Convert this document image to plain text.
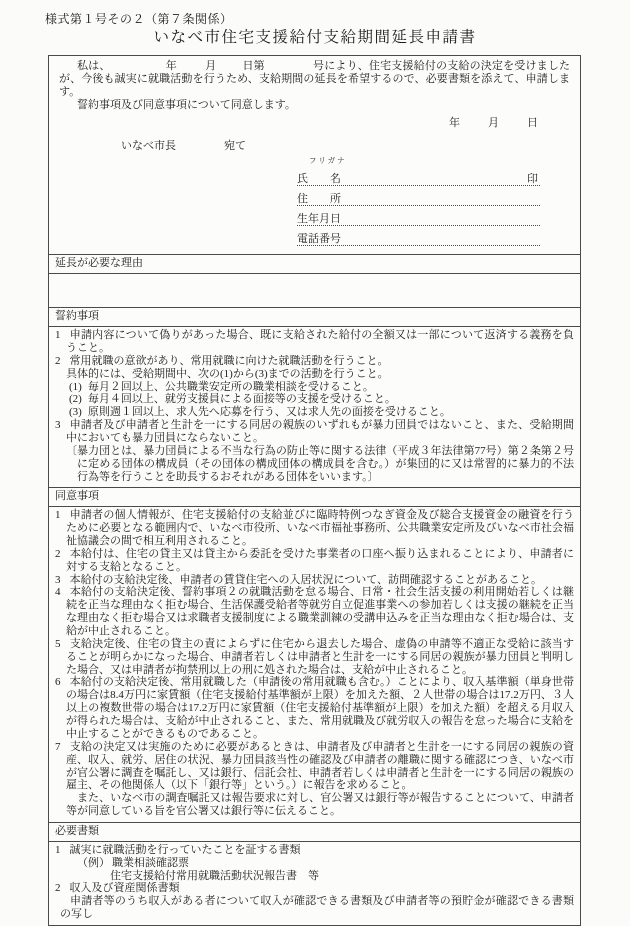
様式第１号その２（第７条関係）
いなべ市住宅支援給付支給期間延長申請書

私は、	年	月 日第	号により、住宅支援給付の支給の決定を受けましたが、今後も誠実に就職活動を行うため、支給期間の延長を希望するので、必要書類を添えて、申請します。

誓約事項及び同意事項について同意します。

年	月	日

いなべ市長	宛て

フリガナ

氏　　名	印
住　　所
生年月日
電話番号
延長が必要な理由
誓約事項

1 申請内容について偽りがあった場合、既に支給された給付の全額又は一部について返済する義務を負うこと。

2 常用就職の意欲があり、常用就職に向けた就職活動を行うこと。

具体的には、受給期間中、次の(1)から(3)までの活動を行うこと。

(1) 毎月２回以上、公共職業安定所の職業相談を受けること。

(2) 毎月４回以上、就労支援員による面接等の支援を受けること。

(3) 原則週１回以上、求人先へ応募を行う、又は求人先の面接を受けること。

3 申請者及び申請者と生計を一にする同居の親族のいずれもが暴力団員ではないこと、また、受給期間中においても暴力団員にならないこと。

〔暴力団とは、暴力団員による不当な行為の防止等に関する法律（平成３年法律第77号）第２条第２号に定める団体の構成員（その団体の構成団体の構成員を含む。）が集団的に又は常習的に暴力的不法行為等を行うことを助長するおそれがある団体をいいます。〕

同意事項

1 申請者の個人情報が、住宅支援給付の支給並びに臨時特例つなぎ資金及び総合支援資金の融資を行うために必要となる範囲内で、いなべ市役所、いなべ市福祉事務所、公共職業安定所及びいなべ市社会福祉協議会の間で相互利用されること。

2 本給付は、住宅の貸主又は貸主から委託を受けた事業者の口座へ振り込まれることにより、申請者に対する支給となること。

3 本給付の支給決定後、申請者の賃貸住宅への入居状況について、訪問確認することがあること。

4 本給付の支給決定後、誓約事項２の就職活動を怠る場合、日常・社会生活支援の利用開始若しくは継続を正当な理由なく拒む場合、生活保護受給者等就労自立促進事業への参加若しくは支援の継続を正当な理由なく拒む場合又は求職者支援制度による職業訓練の受講申込みを正当な理由なく拒む場合は、支給が中止されること。

5 支給決定後、住宅の貸主の責によらずに住宅から退去した場合、虚偽の申請等不適正な受給に該当することが明らかになった場合、申請者若しくは申請者と生計を一にする同居の親族が暴力団員と判明した場合、又は申請者が拘禁刑以上の刑に処された場合は、支給が中止されること。

6 本給付の支給決定後、常用就職した（申請後の常用就職も含む。）ことにより、収入基準額（単身世帯の場合は8.4万円に家賃額（住宅支援給付基準額が上限）を加えた額、２人世帯の場合は17.2万円、３人以上の複数世帯の場合は17.2万円に家賃額（住宅支援給付基準額が上限）を加えた額）を超える月収入が得られた場合は、支給が中止されること、また、常用就職及び就労収入の報告を怠った場合に支給を中止することができるものであること。

7 支給の決定又は実施のために必要があるときは、申請者及び申請者と生計を一にする同居の親族の資産、収入、就労、居住の状況、暴力団員該当性の確認及び申請者の離職に関する確認につき、いなべ市が官公署に調査を嘱託し、又は銀行、信託会社、申請者若しくは申請者と生計を一にする同居の親族の雇主、その他関係人（以下「銀行等」という。）に報告を求めること。

また、いなべ市の調査嘱託又は報告要求に対し、官公署又は銀行等が報告することについて、申請者等が同意している旨を官公署又は銀行等に伝えること。

必要書類

1 誠実に就職活動を行っていたことを証する書類

（例） 職業相談確認票

住宅支援給付常用就職活動状況報告書　等

2 収入及び資産関係書類

申請者等のうち収入がある者について収入が確認できる書類及び申請者等の預貯金が確認できる書類の写し
